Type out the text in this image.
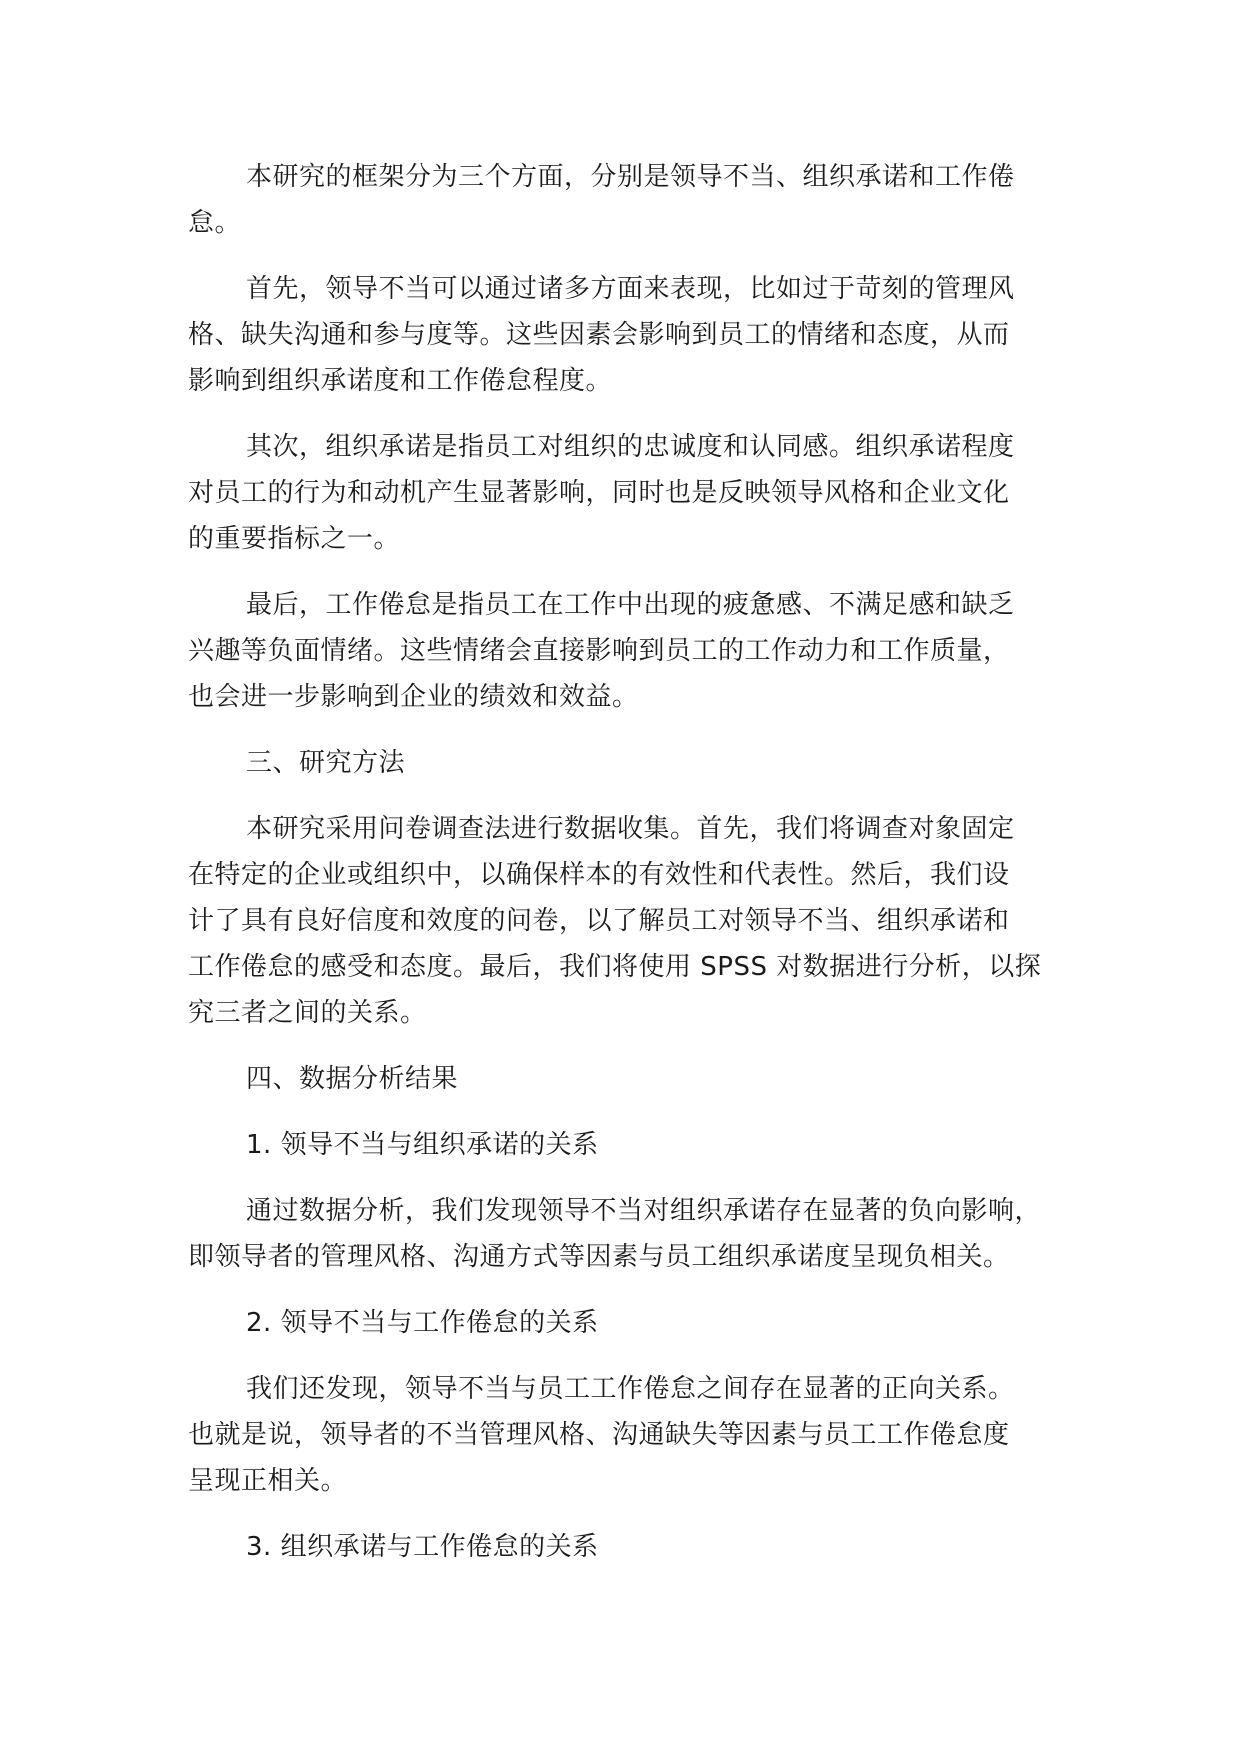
本研究的框架分为三个方面，分别是领导不当、组织承诺和工作倦
怠。

首先，领导不当可以通过诸多方面来表现，比如过于苛刻的管理风
格、缺失沟通和参与度等。这些因素会影响到员工的情绪和态度，从而
影响到组织承诺度和工作倦怠程度。

其次，组织承诺是指员工对组织的忠诚度和认同感。组织承诺程度
对员工的行为和动机产生显著影响，同时也是反映领导风格和企业文化
的重要指标之一。

最后，工作倦怠是指员工在工作中出现的疲惫感、不满足感和缺乏
兴趣等负面情绪。这些情绪会直接影响到员工的工作动力和工作质量，
也会进一步影响到企业的绩效和效益。

三、研究方法

本研究采用问卷调查法进行数据收集。首先，我们将调查对象固定
在特定的企业或组织中，以确保样本的有效性和代表性。然后，我们设
计了具有良好信度和效度的问卷，以了解员工对领导不当、组织承诺和
工作倦怠的感受和态度。最后，我们将使用 SPSS 对数据进行分析，以探
究三者之间的关系。

四、数据分析结果
1. 领导不当与组织承诺的关系

通过数据分析，我们发现领导不当对组织承诺存在显著的负向影响，
即领导者的管理风格、沟通方式等因素与员工组织承诺度呈现负相关。

2. 领导不当与工作倦怠的关系

我们还发现，领导不当与员工工作倦怠之间存在显著的正向关系。
也就是说，领导者的不当管理风格、沟通缺失等因素与员工工作倦怠度
呈现正相关。

3. 组织承诺与工作倦怠的关系
